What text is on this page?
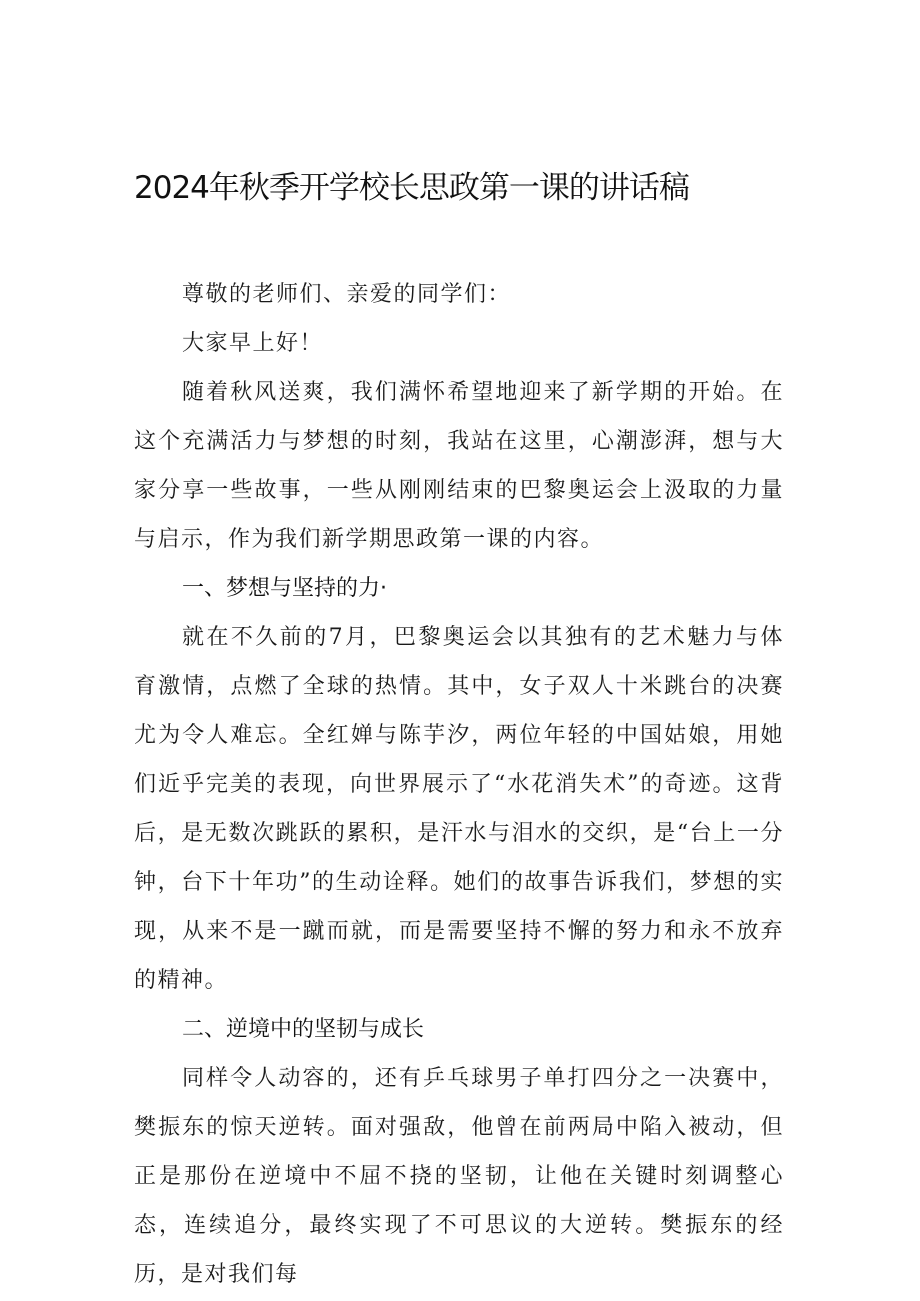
2024年秋季开学校长思政第一课的讲话稿

尊敬的老师们、亲爱的同学们：

大家早上好！

随着秋风送爽，我们满怀希望地迎来了新学期的开始。在这个充满活力与梦想的时刻，我站在这里，心潮澎湃，想与大家分享一些故事，一些从刚刚结束的巴黎奥运会上汲取的力量与启示，作为我们新学期思政第一课的内容。

一、梦想与坚持的力·

就在不久前的7月，巴黎奥运会以其独有的艺术魅力与体育激情，点燃了全球的热情。其中，女子双人十米跳台的决赛尤为令人难忘。全红婵与陈芋汐，两位年轻的中国姑娘，用她们近乎完美的表现，向世界展示了“水花消失术”的奇迹。这背后，是无数次跳跃的累积，是汗水与泪水的交织，是“台上一分钟，台下十年功”的生动诠释。她们的故事告诉我们，梦想的实现，从来不是一蹴而就，而是需要坚持不懈的努力和永不放弃的精神。

二、逆境中的坚韧与成长

同样令人动容的，还有乒乓球男子单打四分之一决赛中，樊振东的惊天逆转。面对强敌，他曾在前两局中陷入被动，但正是那份在逆境中不屈不挠的坚韧，让他在关键时刻调整心态，连续追分，最终实现了不可思议的大逆转。樊振东的经历，是对我们每
